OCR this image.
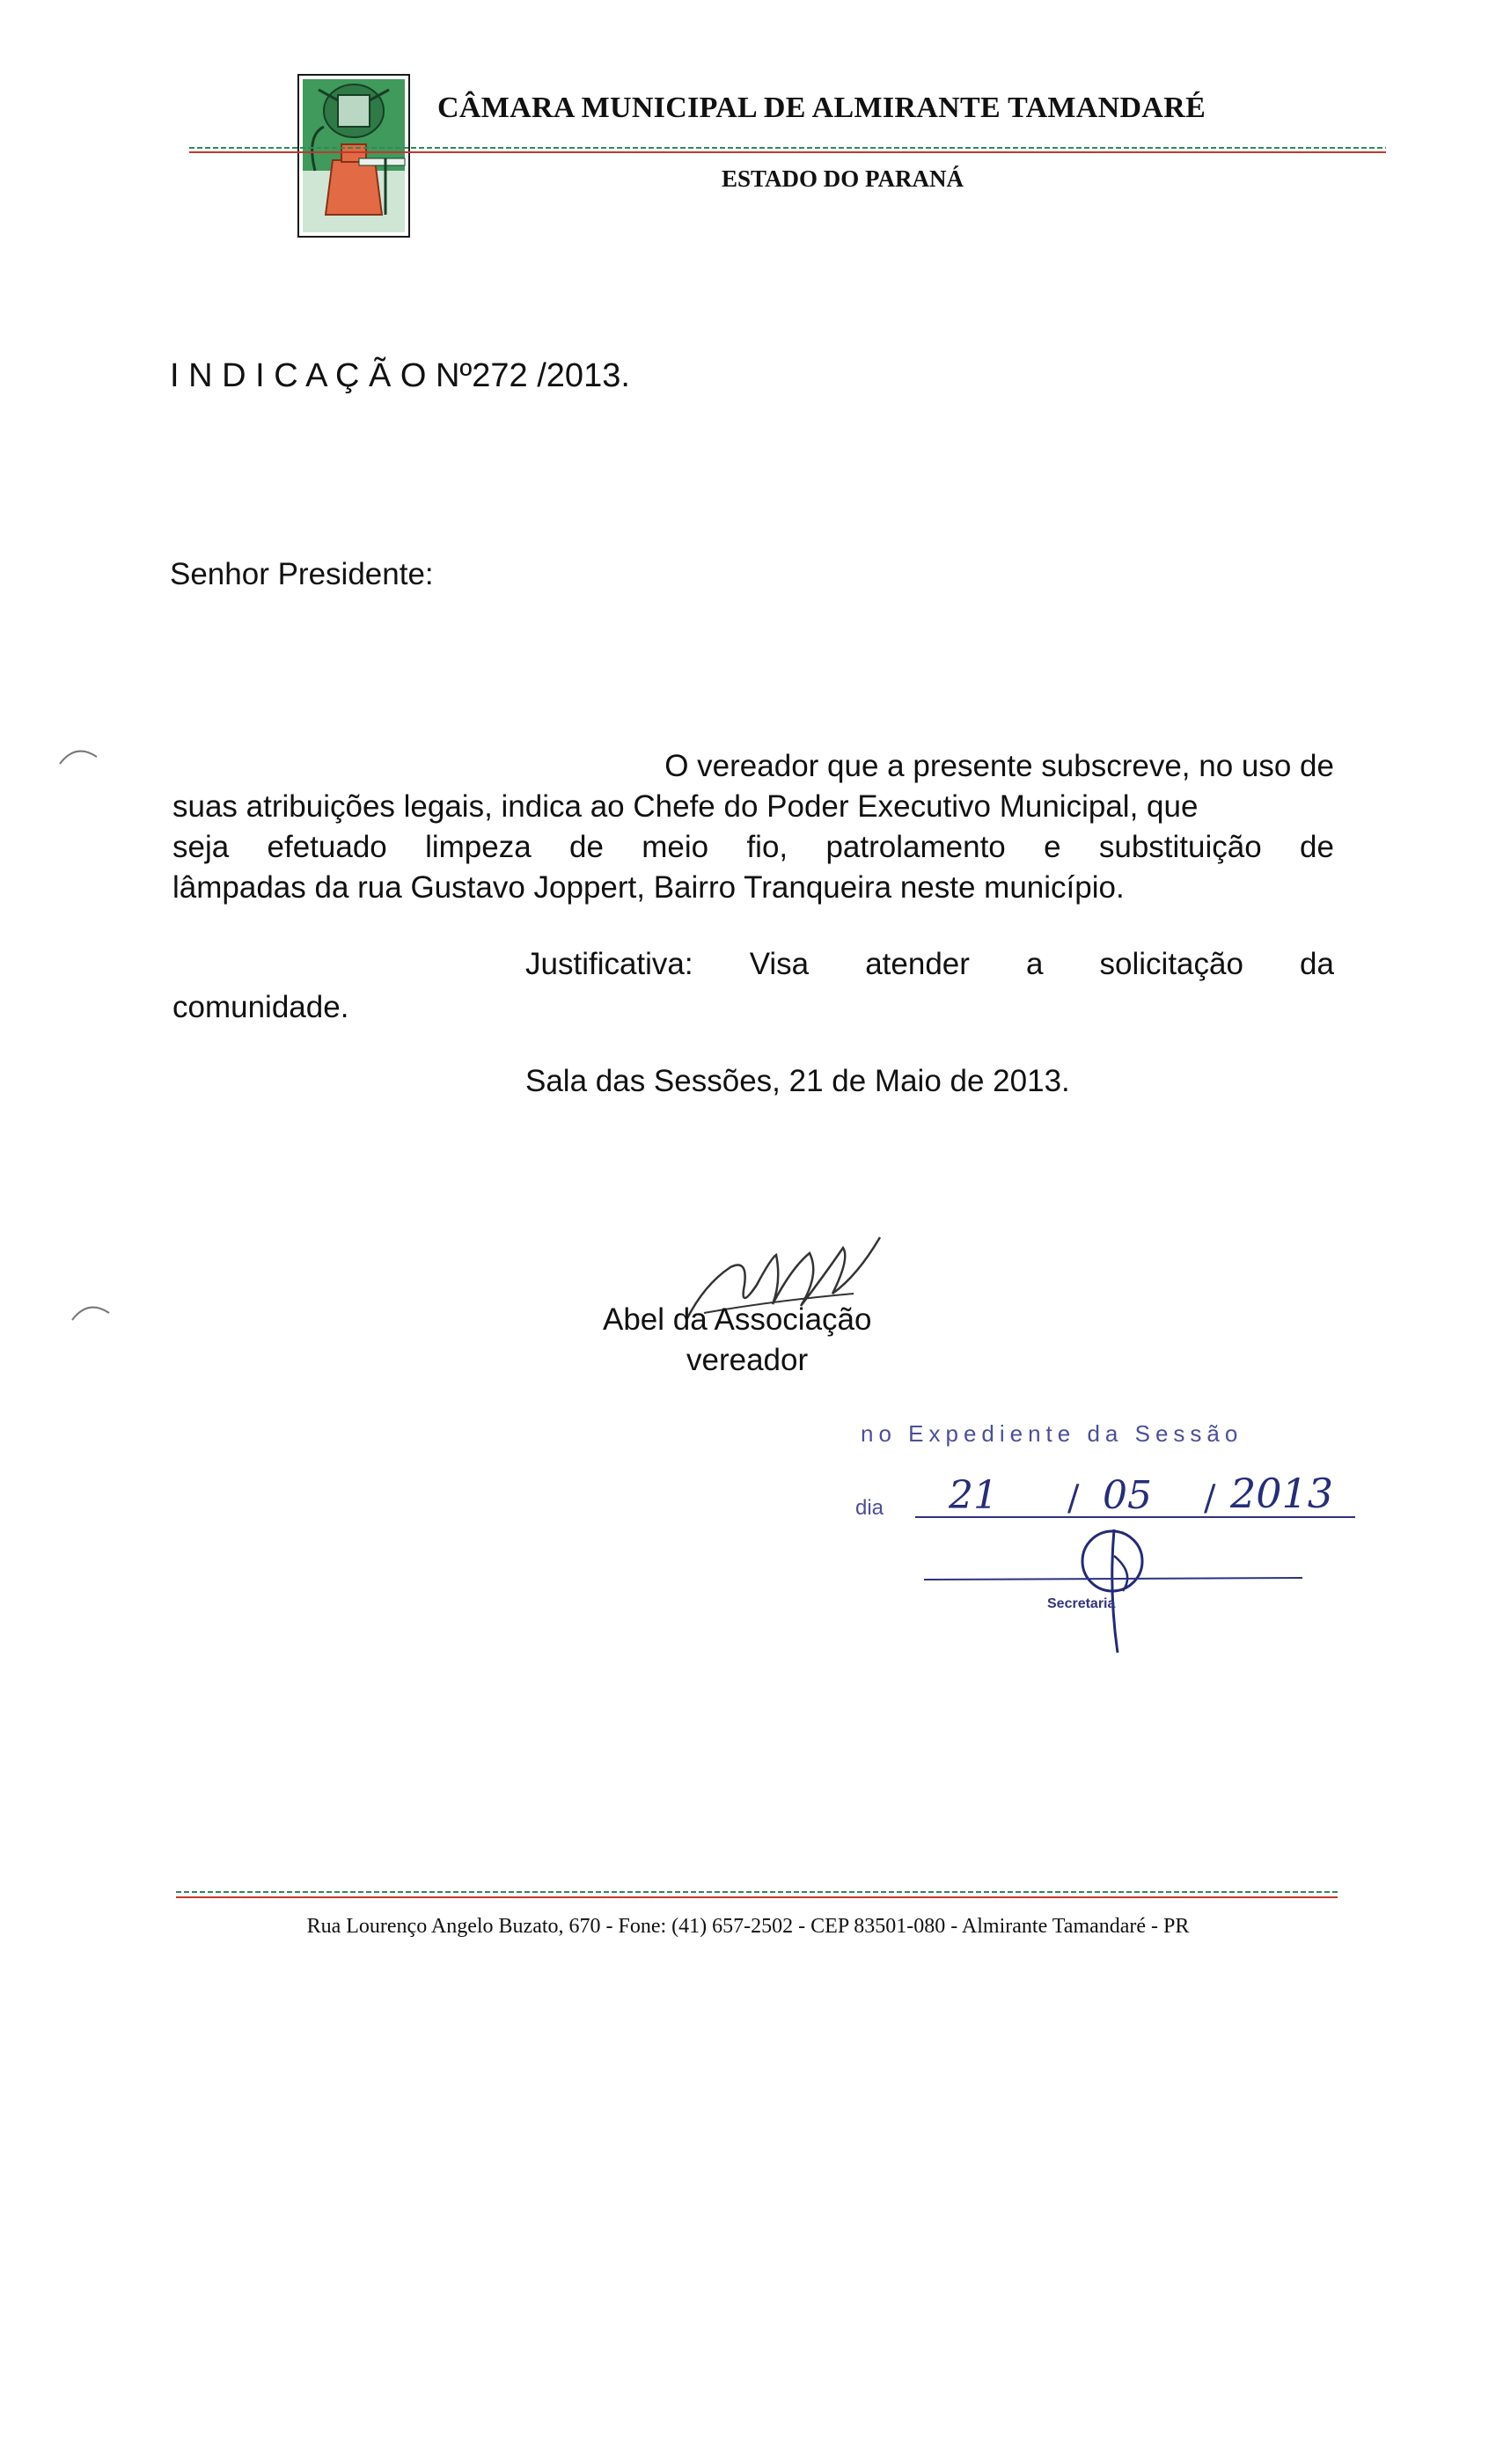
CÂMARA MUNICIPAL DE ALMIRANTE TAMANDARÉ
ESTADO DO PARANÁ
I N D I C A Ç Ã O Nº272 /2013.
Senhor Presidente:
O vereador que a presente subscreve, no uso de
suas atribuições legais, indica ao Chefe do Poder Executivo Municipal, que
seja efetuado limpeza de meio fio, patrolamento e substituição de
lâmpadas da rua Gustavo Joppert, Bairro Tranqueira neste município.
Justificativa: Visa atender a solicitação da
comunidade.
Sala das Sessões, 21 de Maio de 2013.
Abel da Associação
vereador
no Expediente da Sessão
dia 21 / 05 / 2013
Secretaria
Rua Lourenço Angelo Buzato, 670 - Fone: (41) 657-2502 - CEP 83501-080 - Almirante Tamandaré - PR
